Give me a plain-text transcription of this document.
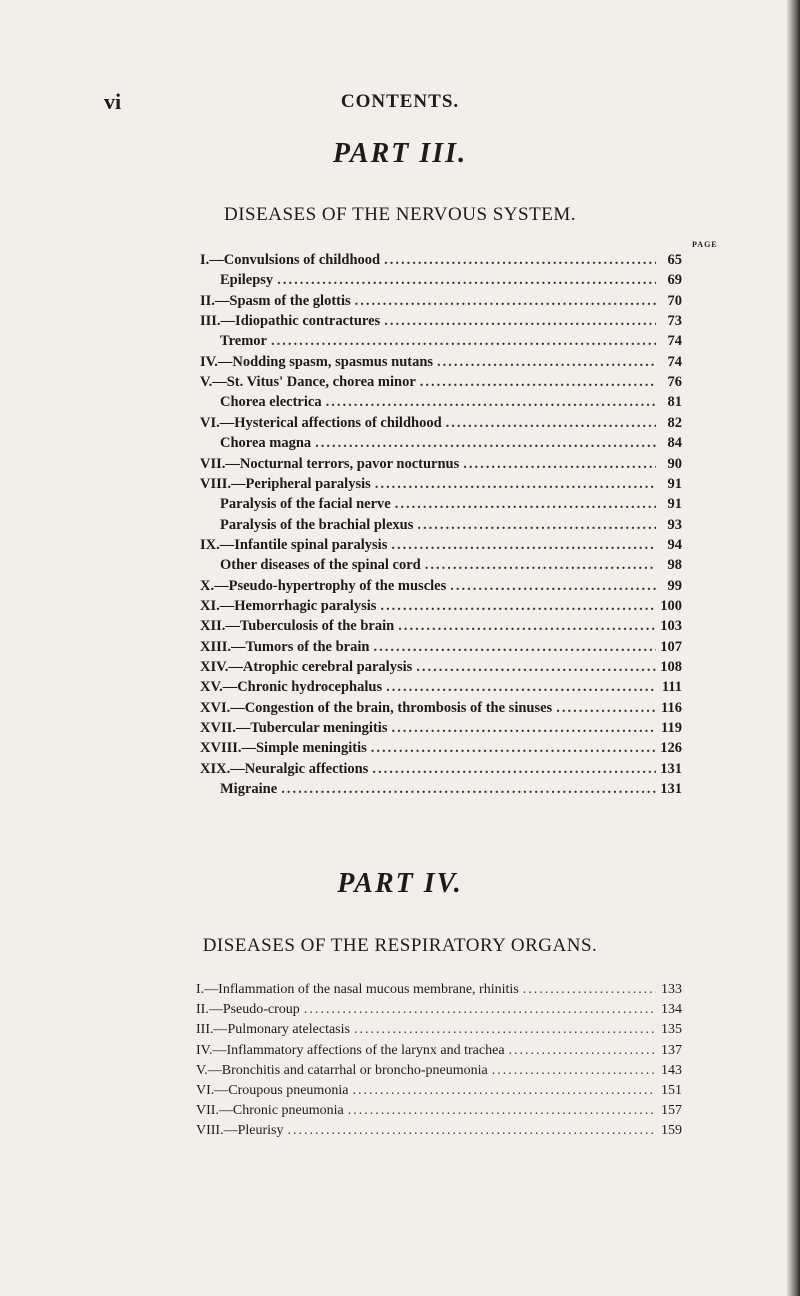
vi	CONTENTS.
PART III.
DISEASES OF THE NERVOUS SYSTEM.
PAGE
I.—Convulsions of childhood .....	65
Epilepsy .....	69
II.—Spasm of the glottis .....	70
III.—Idiopathic contractures .....	73
Tremor .....	74
IV.—Nodding spasm, spasmus nutans .....	74
V.—St. Vitus' Dance, chorea minor .....	76
Chorea electrica .....	81
VI.—Hysterical affections of childhood .....	82
Chorea magna .....	84
VII.—Nocturnal terrors, pavor nocturnus .....	90
VIII.—Peripheral paralysis .....	91
Paralysis of the facial nerve .....	91
Paralysis of the brachial plexus .....	93
IX.—Infantile spinal paralysis .....	94
Other diseases of the spinal cord .....	98
X.—Pseudo-hypertrophy of the muscles .....	99
XI.—Hemorrhagic paralysis .....	100
XII.—Tuberculosis of the brain .....	103
XIII.—Tumors of the brain .....	107
XIV.—Atrophic cerebral paralysis .....	108
XV.—Chronic hydrocephalus .....	111
XVI.—Congestion of the brain, thrombosis of the sinuses .....	116
XVII.—Tubercular meningitis .....	119
XVIII.—Simple meningitis .....	126
XIX.—Neuralgic affections .....	131
Migraine .....	131
PART IV.
DISEASES OF THE RESPIRATORY ORGANS.
I.—Inflammation of the nasal mucous membrane, rhinitis .....	133
II.—Pseudo-croup .....	134
III.—Pulmonary atelectasis .....	135
IV.—Inflammatory affections of the larynx and trachea .....	137
V.—Bronchitis and catarrhal or broncho-pneumonia .....	143
VI.—Croupous pneumonia .....	151
VII.—Chronic pneumonia .....	157
VIII.—Pleurisy .....	159
